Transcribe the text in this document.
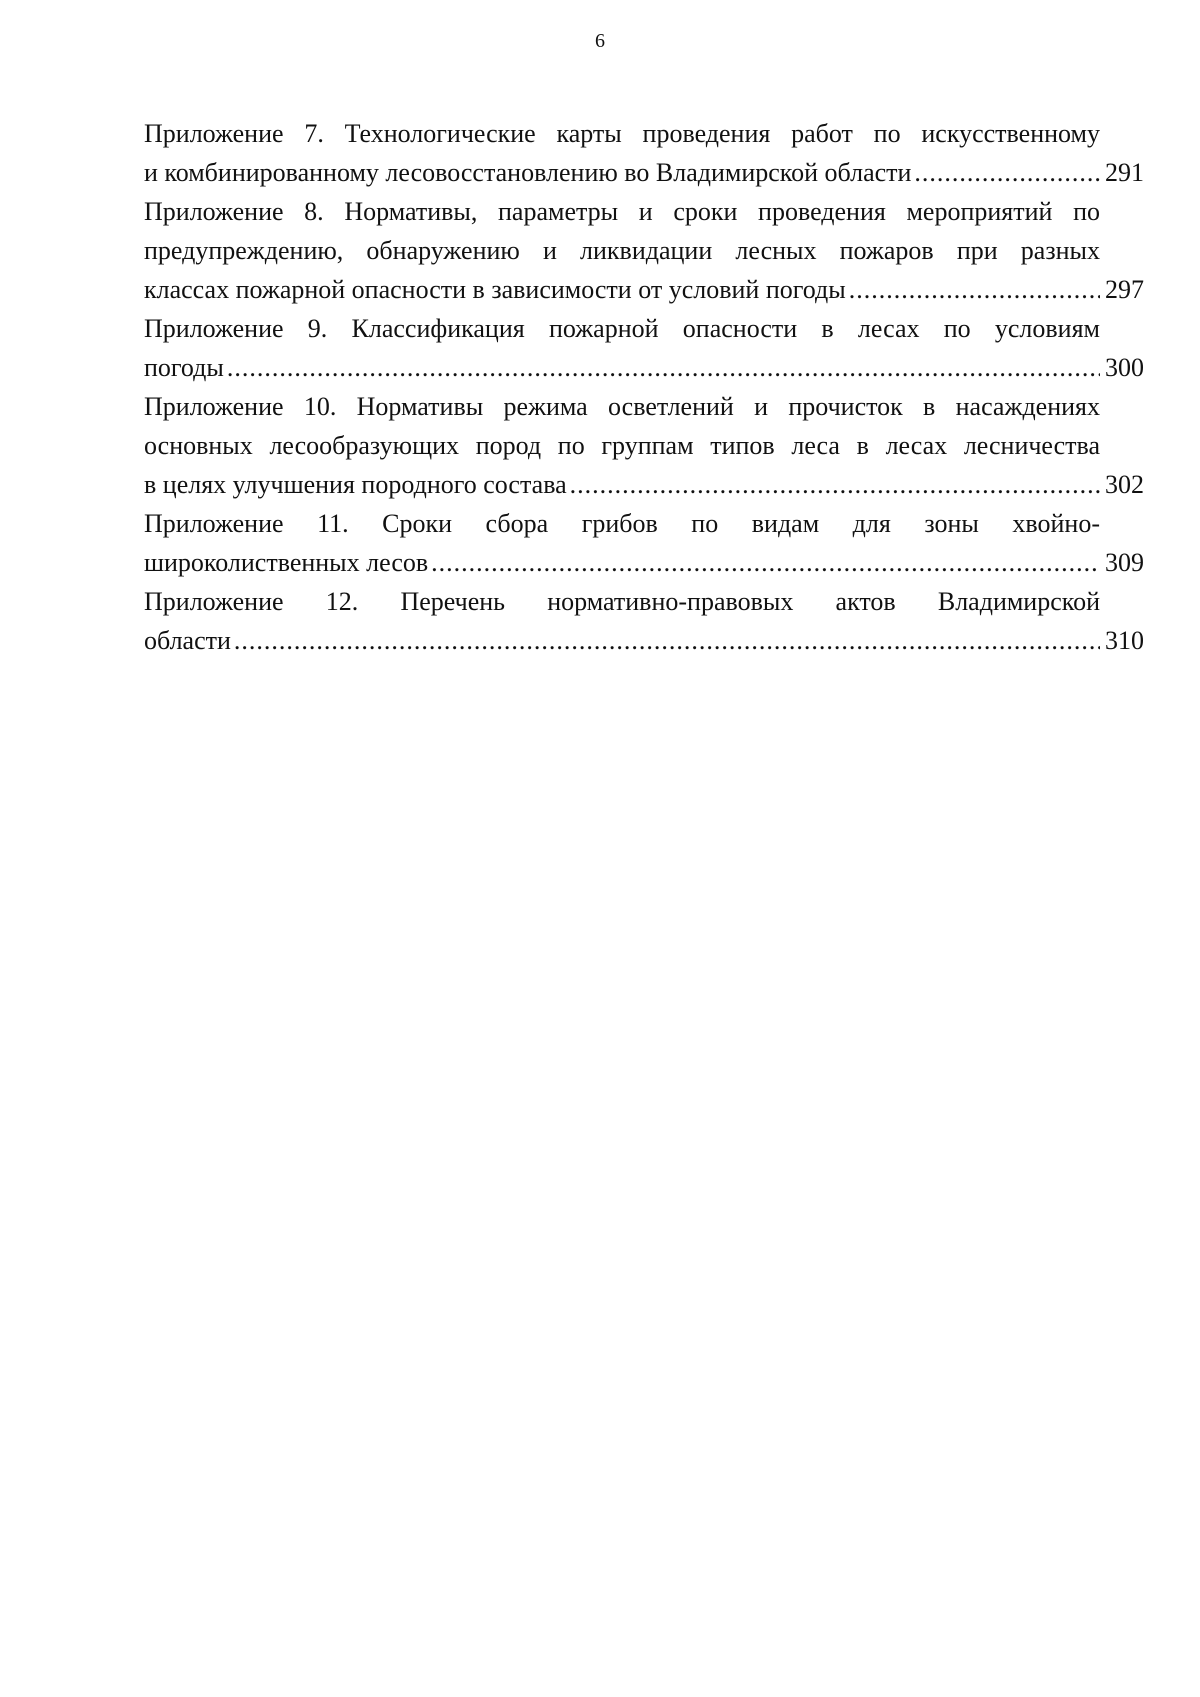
6
Приложение 7. Технологические карты проведения работ по искусственному
и комбинированному лесовосстановлению во Владимирской области .....	291
Приложение 8. Нормативы, параметры и сроки проведения мероприятий по
предупреждению, обнаружению и ликвидации лесных пожаров при разных
классах пожарной опасности в зависимости от условий погоды .....	297
Приложение 9. Классификация пожарной опасности в лесах по условиям
погоды .....	300
Приложение 10. Нормативы режима осветлений и прочисток в насаждениях
основных лесообразующих пород по группам типов леса в лесах лесничества
в целях улучшения породного состава .....	302
Приложение 11. Сроки сбора грибов по видам для зоны хвойно-
широколиственных лесов .....	309
Приложение 12. Перечень нормативно-правовых актов Владимирской
области .....	310
